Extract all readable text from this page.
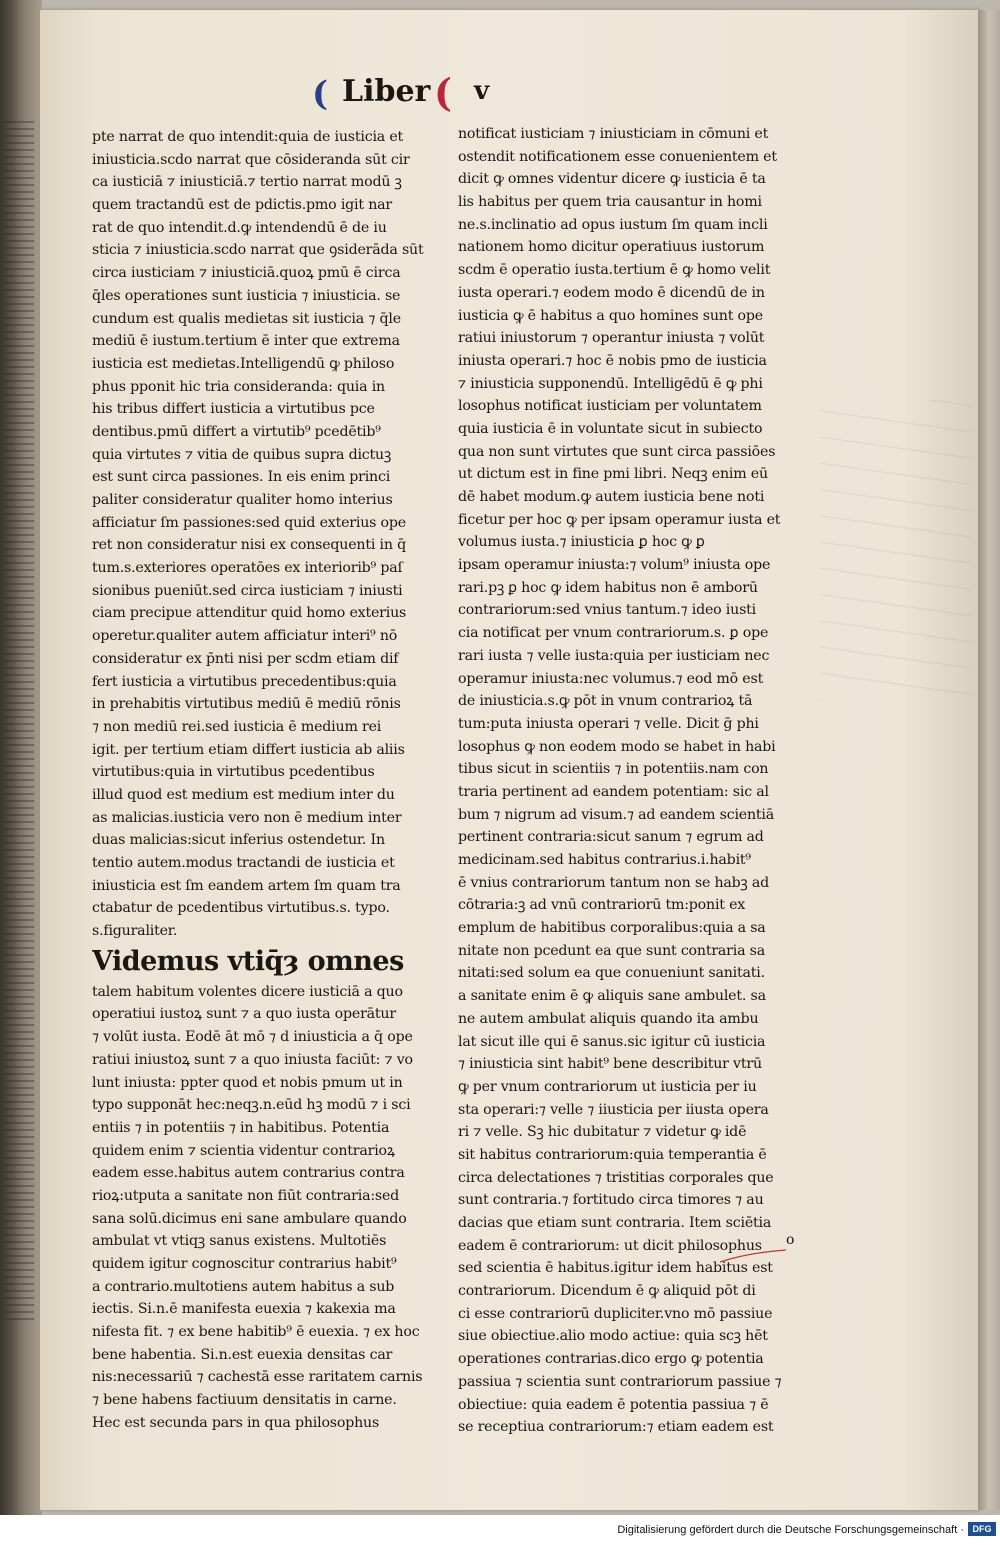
( Liber ( v
pte narrat de quo intendit:quia de iusticia et
iniusticia.scdo narrat que cōsideranda sūt cir
ca iusticiā ⁊ iniusticiā.⁊ tertio narrat modū ꝫ
quem tractandū est de pdictis.pmo igit nar
rat de quo intendit.d.ꝙ intendendū ē de iu
sticia ⁊ iniusticia.scdo narrat que ꝯsiderāda sūt
circa iusticiam ⁊ iniusticiā.quoꝝ pmū ē circa
q̄les operationes sunt iusticia ⁊ iniusticia. se
cundum est qualis medietas sit iusticia ⁊ q̄le
mediū ē iustum.tertium ē inter que extrema
iusticia est medietas.Intelligendū ꝙ philoso
phus pponit hic tria consideranda: quia in
his tribus differt iusticia a virtutibus pce
dentibus.pmū differt a virtutib⁹ pcedētib⁹
quia virtutes ⁊ vitia de quibus supra dictuꝫ
est sunt circa passiones. In eis enim princi
paliter consideratur qualiter homo interius
afficiatur ſm passiones:sed quid exterius ope
ret non consideratur nisi ex consequenti in q̄
tum.s.exteriores operatōes ex interiorib⁹ paſ
sionibus pueniūt.sed circa iusticiam ⁊ iniusti
ciam precipue attenditur quid homo exterius
operetur.qualiter autem afficiatur interi⁹ nō
consideratur ex p̄nti nisi per scdm etiam dif
fert iusticia a virtutibus precedentibus:quia
in prehabitis virtutibus mediū ē mediū rōnis
⁊ non mediū rei.sed iusticia ē medium rei
igit. per tertium etiam differt iusticia ab aliis
virtutibus:quia in virtutibus pcedentibus
illud quod est medium est medium inter du
as malicias.iusticia vero non ē medium inter
duas malicias:sicut inferius ostendetur. In
tentio autem.modus tractandi de iusticia et
iniusticia est ſm eandem artem ſm quam tra
ctabatur de pcedentibus virtutibus.s. typo.
s.figuraliter.
Videmus vtiq̄ȝ omnes
talem habitum volentes dicere iusticiā a quo
operatiui iustoꝝ sunt ⁊ a quo iusta operātur
⁊ volūt iusta. Eodē āt mō ⁊ d iniusticia a q̄ ope
ratiui iniustoꝝ sunt ⁊ a quo iniusta faciūt: ⁊ vo
lunt iniusta: ppter quod et nobis pmum ut in
typo supponāt hec:neqꝫ.n.eūd hꝫ modū ⁊ i sci
entiis ⁊ in potentiis ⁊ in habitibus. Potentia
quidem enim ⁊ scientia videntur contrarioꝝ
eadem esse.habitus autem contrarius contra
rioꝝ:utputa a sanitate non fiūt contraria:sed
sana solū.dicimus eni sane ambulare quando
ambulat vt vtiqꝫ sanus existens. Multotiēs
quidem igitur cognoscitur contrarius habit⁹
a contrario.multotiens autem habitus a sub
iectis. Si.n.ē manifesta euexia ⁊ kakexia ma
nifesta fit. ⁊ ex bene habitib⁹ ē euexia. ⁊ ex hoc
bene habentia. Si.n.est euexia densitas car
nis:necessariū ⁊ cachestā esse raritatem carnis
⁊ bene habens factiuum densitatis in carne.
Hec est secunda pars in qua philosophus
notificat iusticiam ⁊ iniusticiam in cōmuni et
ostendit notificationem esse conuenientem et
dicit ꝙ omnes videntur dicere ꝙ iusticia ē ta
lis habitus per quem tria causantur in homi
ne.s.inclinatio ad opus iustum ſm quam incli
nationem homo dicitur operatiuus iustorum
scdm ē operatio iusta.tertium ē ꝙ homo velit
iusta operari.⁊ eodem modo ē dicendū de in
iusticia ꝙ ē habitus a quo homines sunt ope
ratiui iniustorum ⁊ operantur iniusta ⁊ volūt
iniusta operari.⁊ hoc ē nobis pmo de iusticia
⁊ iniusticia supponendū. Intelligēdū ē ꝙ phi
losophus notificat iusticiam per voluntatem
quia iusticia ē in voluntate sicut in subiecto
qua non sunt virtutes que sunt circa passiōes
ut dictum est in fine pmi libri. Neqꝫ enim eū
dē habet modum.ꝙ autem iusticia bene noti
ficetur per hoc ꝙ per ipsam operamur iusta et
volumus iusta.⁊ iniusticia ꝑ hoc ꝙ ꝑ
ipsam operamur iniusta:⁊ volum⁹ iniusta ope
rari.pꝫ ꝑ hoc ꝙ idem habitus non ē amborū
contrariorum:sed vnius tantum.⁊ ideo iusti
cia notificat per vnum contrariorum.s. ꝑ ope
rari iusta ⁊ velle iusta:quia per iusticiam nec
operamur iniusta:nec volumus.⁊ eod mō est
de iniusticia.s.ꝙ pōt in vnum contrarioꝝ tā
tum:puta iniusta operari ⁊ velle. Dicit ḡ phi
losophus ꝙ non eodem modo se habet in habi
tibus sicut in scientiis ⁊ in potentiis.nam con
traria pertinent ad eandem potentiam: sic al
bum ⁊ nigrum ad visum.⁊ ad eandem scientiā
pertinent contraria:sicut sanum ⁊ egrum ad
medicinam.sed habitus contrarius.i.habit⁹
ē vnius contrariorum tantum non se habꝫ ad
cōtraria:ꝫ ad vnū contrariorū tm:ponit ex
emplum de habitibus corporalibus:quia a sa
nitate non pcedunt ea que sunt contraria sa
nitati:sed solum ea que conueniunt sanitati.
a sanitate enim ē ꝙ aliquis sane ambulet. sa
ne autem ambulat aliquis quando ita ambu
lat sicut ille qui ē sanus.sic igitur cū iusticia
⁊ iniusticia sint habit⁹ bene describitur vtrū
ꝙ per vnum contrariorum ut iusticia per iu
sta operari:⁊ velle ⁊ iiusticia per iiusta opera
ri ⁊ velle. Sꝫ hic dubitatur ⁊ videtur ꝙ idē
sit habitus contrariorum:quia temperantia ē
circa delectationes ⁊ tristitias corporales que
sunt contraria.⁊ fortitudo circa timores ⁊ au
dacias que etiam sunt contraria. Item sciētia
eadem ē contrariorum: ut dicit philosophus
sed scientia ē habitus.igitur idem habitus est
contrariorum. Dicendum ē ꝙ aliquid pōt di
ci esse contrariorū dupliciter.vno mō passiue
siue obiectiue.alio modo actiue: quia scꝫ hēt
operationes contrarias.dico ergo ꝙ potentia
passiua ⁊ scientia sunt contrariorum passiue ⁊
obiectiue: quia eadem ē potentia passiua ⁊ ē
se receptiua contrariorum:⁊ etiam eadem est
o
Digitalisierung gefördert durch die Deutsche Forschungsgemeinschaft · DFG
